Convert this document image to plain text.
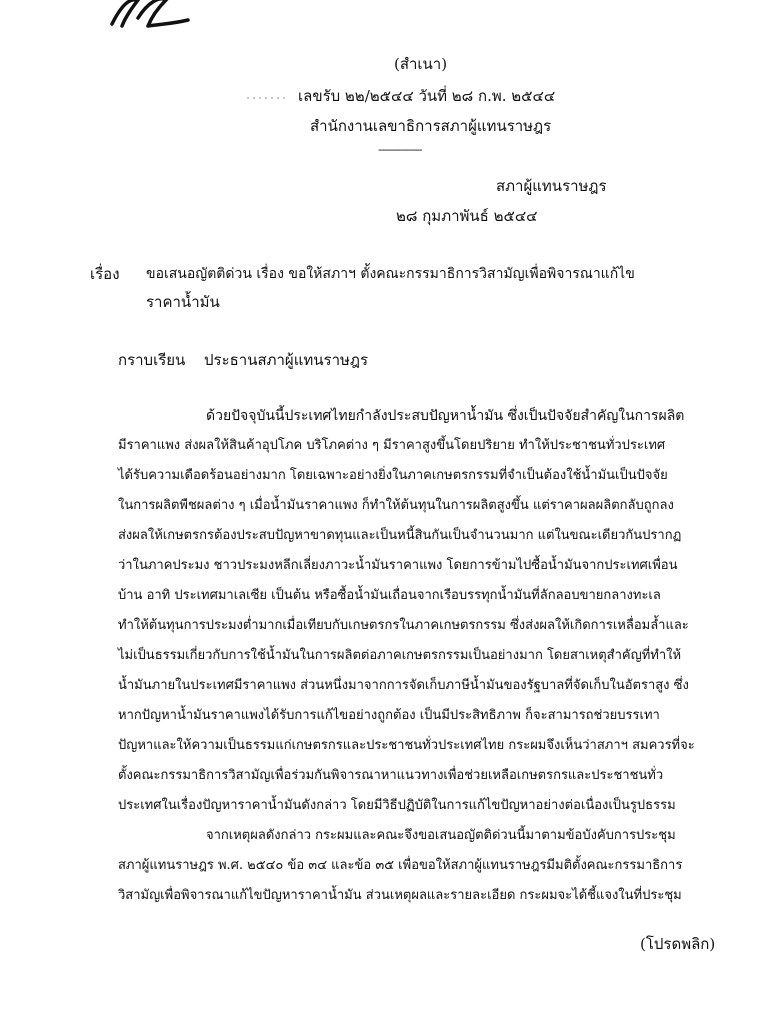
(สำเนา)
เลขรับ ๒๒/๒๕๔๔ วันที่ ๒๘ ก.พ. ๒๕๔๔
สำนักงานเลขาธิการสภาผู้แทนราษฎร
----------------
สภาผู้แทนราษฎร
๒๘ กุมภาพันธ์ ๒๕๔๔
เรื่อง ขอเสนอญัตติด่วน เรื่อง ขอให้สภาฯ ตั้งคณะกรรมาธิการวิสามัญเพื่อพิจารณาแก้ไข
ราคาน้ำมัน
กราบเรียน ประธานสภาผู้แทนราษฎร
ด้วยปัจจุบันนี้ประเทศไทยกำลังประสบปัญหาน้ำมัน ซึ่งเป็นปัจจัยสำคัญในการผลิต
มีราคาแพง ส่งผลให้สินค้าอุปโภค บริโภคต่าง ๆ มีราคาสูงขึ้นโดยปริยาย ทำให้ประชาชนทั่วประเทศ
ได้รับความเดือดร้อนอย่างมาก โดยเฉพาะอย่างยิ่งในภาคเกษตรกรรมที่จำเป็นต้องใช้น้ำมันเป็นปัจจัย
ในการผลิตพืชผลต่าง ๆ เมื่อน้ำมันราคาแพง ก็ทำให้ต้นทุนในการผลิตสูงขึ้น แต่ราคาผลผลิตกลับถูกลง
ส่งผลให้เกษตรกรต้องประสบปัญหาขาดทุนและเป็นหนี้สินกันเป็นจำนวนมาก แต่ในขณะเดียวกันปรากฏ
ว่าในภาคประมง ชาวประมงหลีกเลี่ยงภาวะน้ำมันราคาแพง โดยการข้ามไปซื้อน้ำมันจากประเทศเพื่อน
บ้าน อาทิ ประเทศมาเลเซีย เป็นต้น หรือซื้อน้ำมันเถื่อนจากเรือบรรทุกน้ำมันที่ลักลอบขายกลางทะเล
ทำให้ต้นทุนการประมงต่ำมากเมื่อเทียบกับเกษตรกรในภาคเกษตรกรรม ซึ่งส่งผลให้เกิดการเหลื่อมล้ำและ
ไม่เป็นธรรมเกี่ยวกับการใช้น้ำมันในการผลิตต่อภาคเกษตรกรรมเป็นอย่างมาก โดยสาเหตุสำคัญที่ทำให้
น้ำมันภายในประเทศมีราคาแพง ส่วนหนึ่งมาจากการจัดเก็บภาษีน้ำมันของรัฐบาลที่จัดเก็บในอัตราสูง ซึ่ง
หากปัญหาน้ำมันราคาแพงได้รับการแก้ไขอย่างถูกต้อง เป็นมีประสิทธิภาพ ก็จะสามารถช่วยบรรเทา
ปัญหาและให้ความเป็นธรรมแก่เกษตรกรและประชาชนทั่วประเทศไทย กระผมจึงเห็นว่าสภาฯ สมควรที่จะ
ตั้งคณะกรรมาธิการวิสามัญเพื่อร่วมกันพิจารณาหาแนวทางเพื่อช่วยเหลือเกษตรกรและประชาชนทั่ว
ประเทศในเรื่องปัญหาราคาน้ำมันดังกล่าว โดยมีวิธีปฏิบัติในการแก้ไขปัญหาอย่างต่อเนื่องเป็นรูปธรรม
จากเหตุผลดังกล่าว กระผมและคณะจึงขอเสนอญัตติด่วนนี้มาตามข้อบังคับการประชุม
สภาผู้แทนราษฎร พ.ศ. ๒๕๔๐ ข้อ ๓๔ และข้อ ๓๕ เพื่อขอให้สภาผู้แทนราษฎรมีมติตั้งคณะกรรมาธิการ
วิสามัญเพื่อพิจารณาแก้ไขปัญหาราคาน้ำมัน ส่วนเหตุผลและรายละเอียด กระผมจะได้ชี้แจงในที่ประชุม
(โปรดพลิก)
